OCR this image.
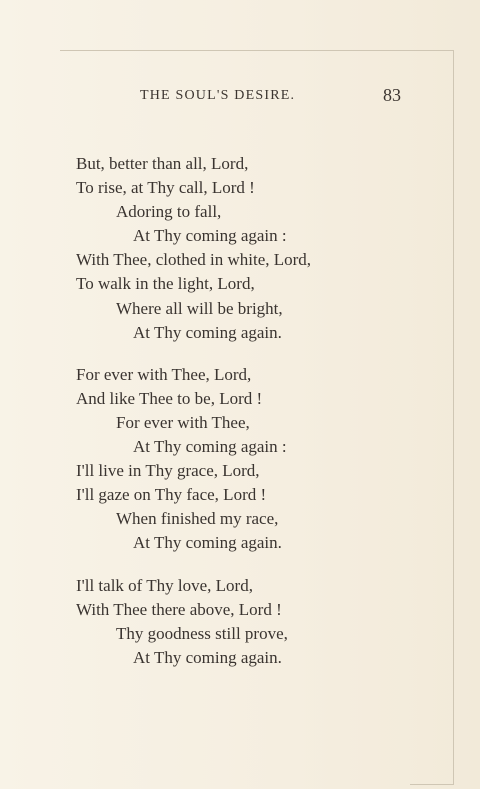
THE SOUL'S DESIRE.	83
But, better than all, Lord,
To rise, at Thy call, Lord !
Adoring to fall,
At Thy coming again :
With Thee, clothed in white, Lord,
To walk in the light, Lord,
Where all will be bright,
At Thy coming again.
For ever with Thee, Lord,
And like Thee to be, Lord !
For ever with Thee,
At Thy coming again :
I'll live in Thy grace, Lord,
I'll gaze on Thy face, Lord !
When finished my race,
At Thy coming again.
I'll talk of Thy love, Lord,
With Thee there above, Lord !
Thy goodness still prove,
At Thy coming again.
